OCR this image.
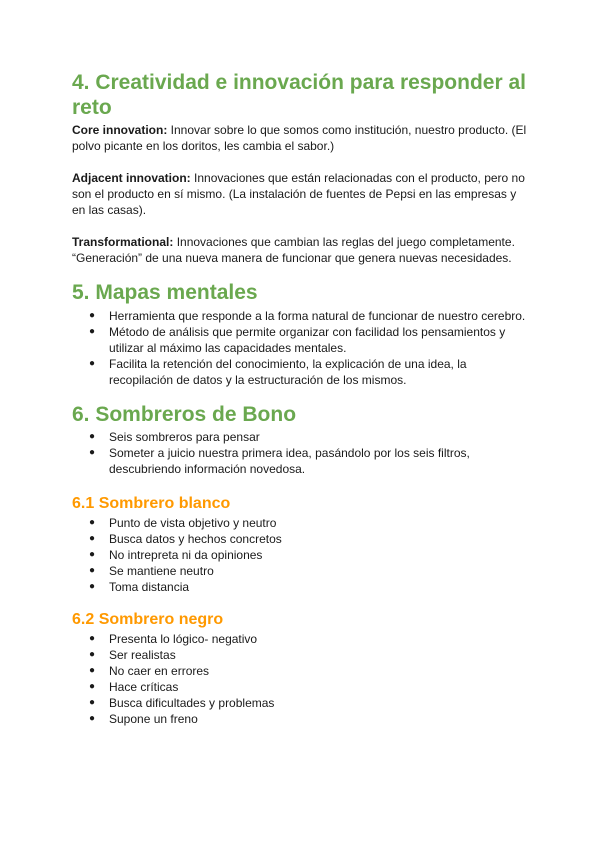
4. Creatividad e innovación para responder al reto

Core innovation: Innovar sobre lo que somos como institución, nuestro producto. (El polvo picante en los doritos, les cambia el sabor.)

Adjacent innovation: Innovaciones que están relacionadas con el producto, pero no son el producto en sí mismo. (La instalación de fuentes de Pepsi en las empresas y en las casas).

Transformational: Innovaciones que cambian las reglas del juego completamente. “Generación” de una nueva manera de funcionar que genera nuevas necesidades.

5. Mapas mentales
● Herramienta que responde a la forma natural de funcionar de nuestro cerebro.
● Método de análisis que permite organizar con facilidad los pensamientos y utilizar al máximo las capacidades mentales.
● Facilita la retención del conocimiento, la explicación de una idea, la recopilación de datos y la estructuración de los mismos.
6. Sombreros de Bono
● Seis sombreros para pensar
● Someter a juicio nuestra primera idea, pasándolo por los seis filtros, descubriendo información novedosa.
6.1 Sombrero blanco
● Punto de vista objetivo y neutro
● Busca datos y hechos concretos
● No intrepreta ni da opiniones
● Se mantiene neutro
● Toma distancia
6.2 Sombrero negro
● Presenta lo lógico- negativo
● Ser realistas
● No caer en errores
● Hace críticas
● Busca dificultades y problemas
● Supone un freno
